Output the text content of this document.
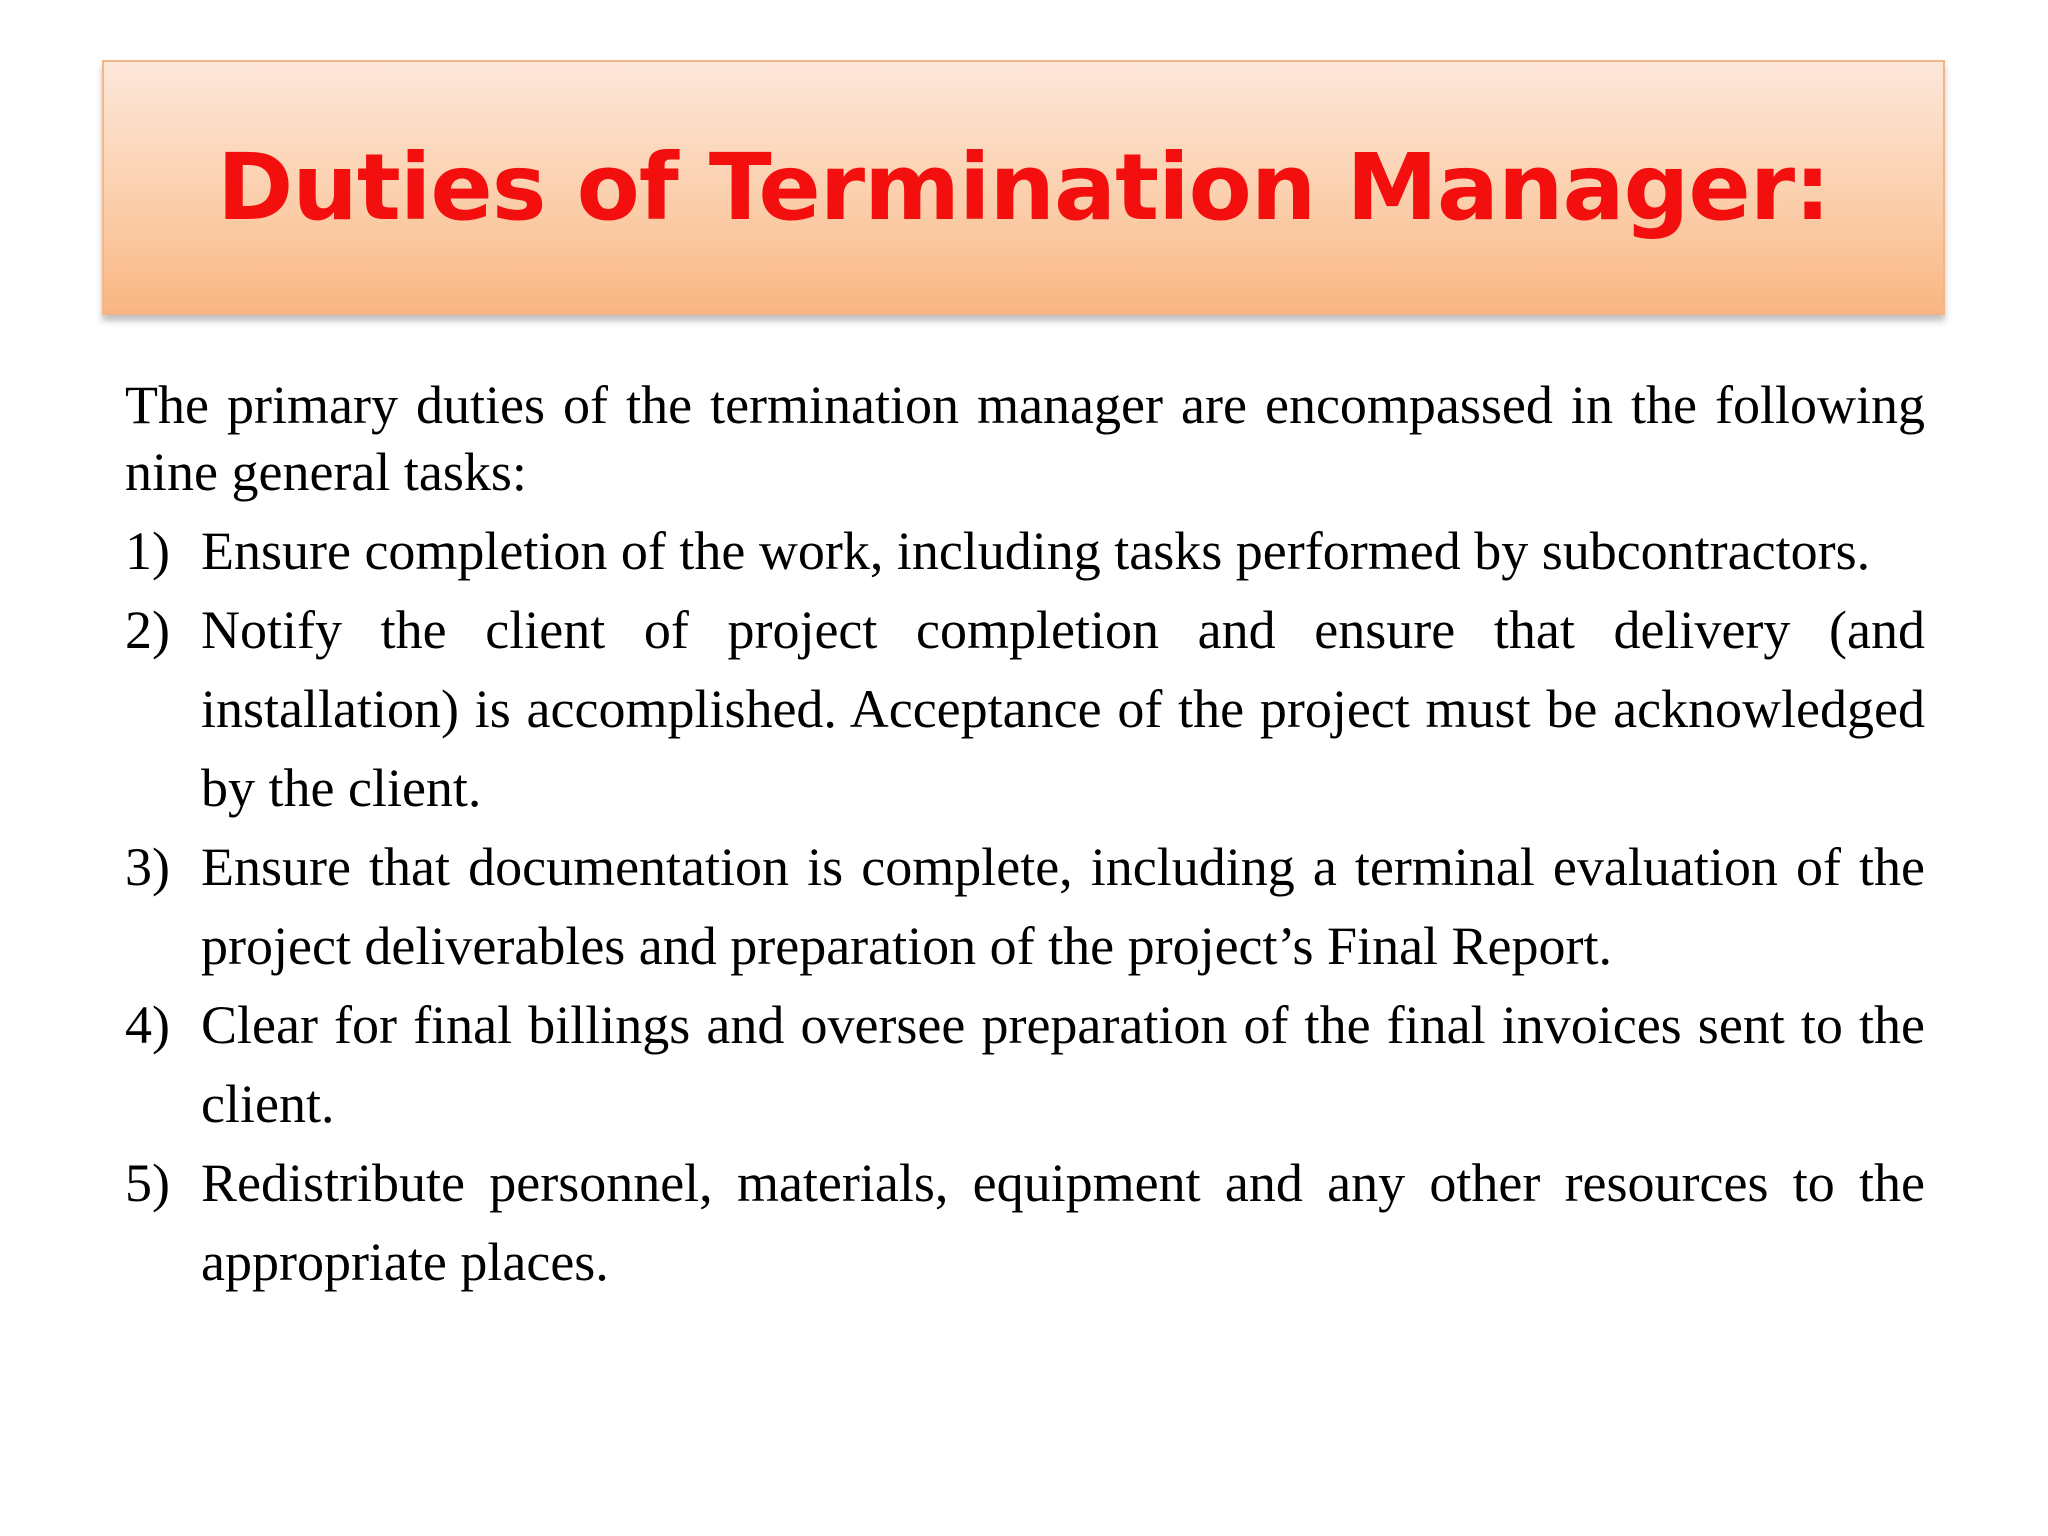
Duties of Termination Manager:

The primary duties of the termination manager are encompassed in the following nine general tasks:

1) Ensure completion of the work, including tasks performed by subcontractors.
2) Notify the client of project completion and ensure that delivery (and installation) is accomplished. Acceptance of the project must be acknowledged by the client.
3) Ensure that documentation is complete, including a terminal evaluation of the project deliverables and preparation of the project’s Final Report.
4) Clear for final billings and oversee preparation of the final invoices sent to the client.
5) Redistribute personnel, materials, equipment and any other resources to the appropriate places.
